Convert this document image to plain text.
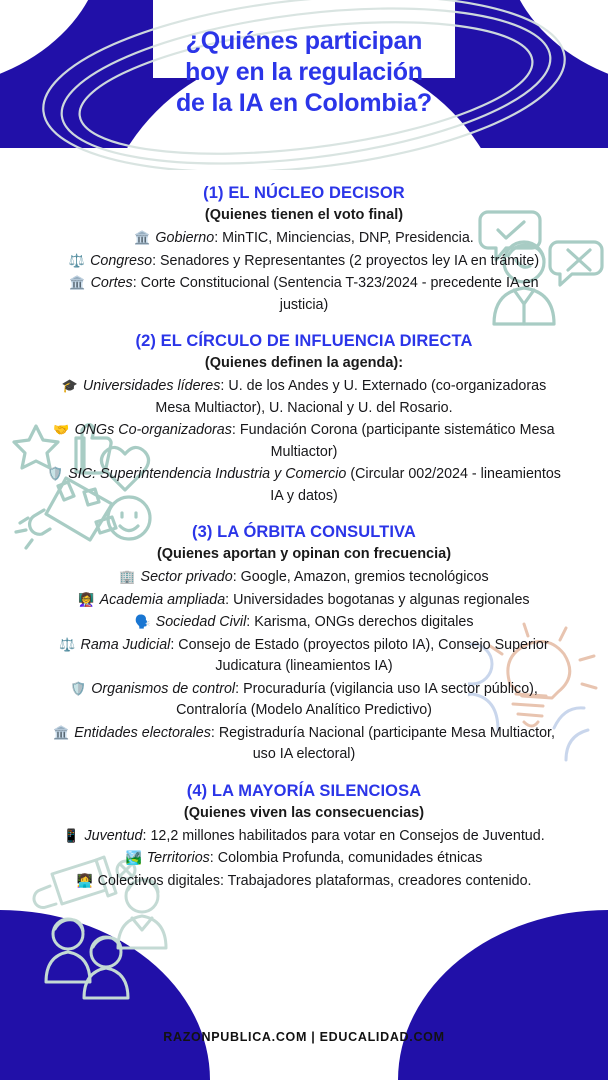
¿Quiénes participan
hoy en la regulación
de la IA en Colombia?
(1) EL NÚCLEO DECISOR
(Quienes tienen el voto final)

🏛️ Gobierno: MinTIC, Minciencias, DNP, Presidencia.

⚖️ Congreso: Senadores y Representantes (2 proyectos ley IA en trámite)

🏛️ Cortes: Corte Constitucional (Sentencia T-323/2024 - precedente IA en justicia)

(2) EL CÍRCULO DE INFLUENCIA DIRECTA
(Quienes definen la agenda):

🎓 Universidades líderes: U. de los Andes y U. Externado (co-organizadoras Mesa Multiactor), U. Nacional y U. del Rosario.

🤝 ONGs Co-organizadoras: Fundación Corona (participante sistemático Mesa Multiactor)

🛡️ SIC: Superintendencia Industria y Comercio (Circular 002/2024 - lineamientos IA y datos)

(3) LA ÓRBITA CONSULTIVA
(Quienes aportan y opinan con frecuencia)

🏢 Sector privado: Google, Amazon, gremios tecnológicos

👩‍🏫 Academia ampliada: Universidades bogotanas y algunas regionales

🗣️ Sociedad Civil: Karisma, ONGs derechos digitales

⚖️ Rama Judicial: Consejo de Estado (proyectos piloto IA), Consejo Superior Judicatura (lineamientos IA)

🛡️ Organismos de control: Procuraduría (vigilancia uso IA sector público), Contraloría (Modelo Analítico Predictivo)

🏛️ Entidades electorales: Registraduría Nacional (participante Mesa Multiactor, uso IA electoral)

(4) LA MAYORÍA SILENCIOSA
(Quienes viven las consecuencias)

📱 Juventud: 12,2 millones habilitados para votar en Consejos de Juventud.

🏞️ Territorios: Colombia Profunda, comunidades étnicas

👩‍💻 Colectivos digitales: Trabajadores plataformas, creadores contenido.

RAZONPUBLICA.COM | EDUCALIDAD.COM
